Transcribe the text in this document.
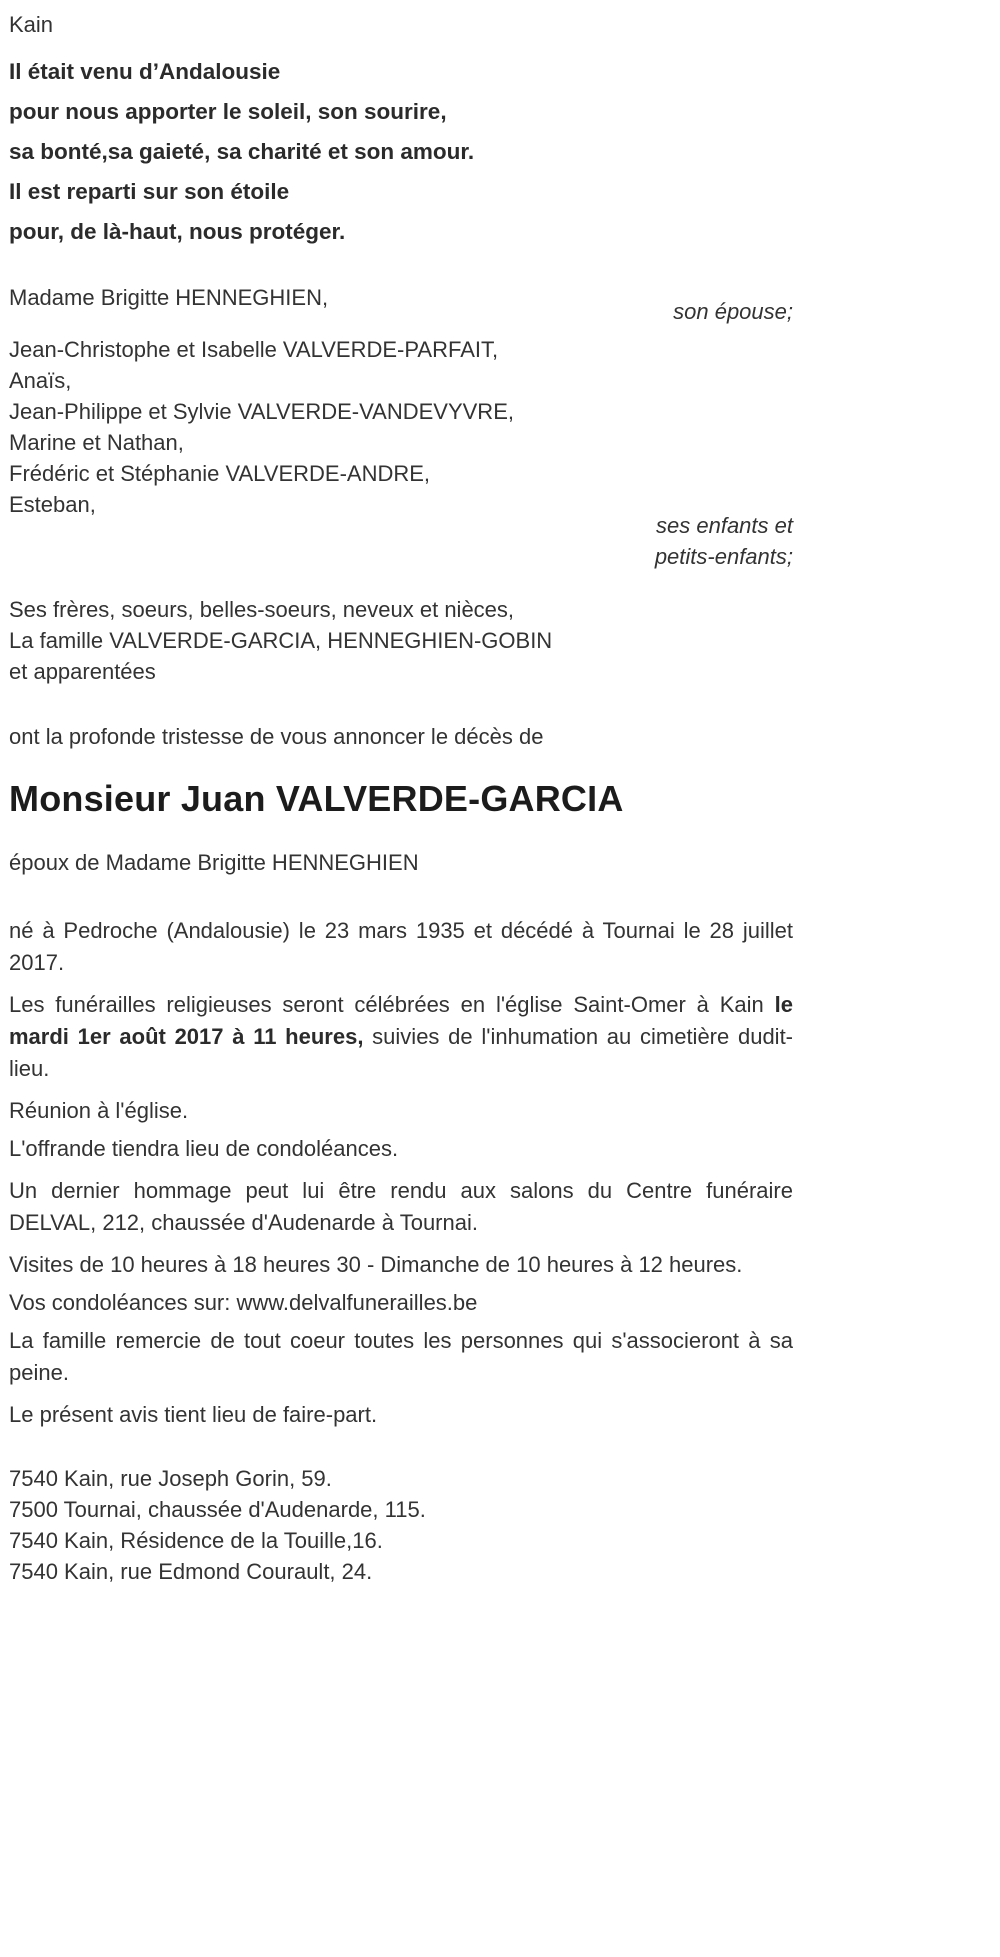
Kain

Il était venu d’Andalousie

pour nous apporter le soleil, son sourire,

sa bonté,sa gaieté, sa charité et son amour.

Il est reparti sur son étoile

pour, de là-haut, nous protéger.

Madame Brigitte HENNEGHIEN,

son épouse;

Jean-Christophe et Isabelle VALVERDE-PARFAIT,

Anaïs,

Jean-Philippe et Sylvie VALVERDE-VANDEVYVRE,

Marine et Nathan,

Frédéric et Stéphanie VALVERDE-ANDRE,

Esteban,

ses enfants et

petits-enfants;

Ses frères, soeurs, belles-soeurs, neveux et nièces,

La famille VALVERDE-GARCIA, HENNEGHIEN-GOBIN

et apparentées

ont la profonde tristesse de vous annoncer le décès de

Monsieur Juan VALVERDE-GARCIA

époux de Madame Brigitte HENNEGHIEN

né à Pedroche (Andalousie) le 23 mars 1935 et décédé à Tournai le 28 juillet 2017.

Les funérailles religieuses seront célébrées en l'église Saint-Omer à Kain le mardi 1er août 2017 à 11 heures, suivies de l'inhumation au cimetière dudit-lieu.

Réunion à l'église.

L'offrande tiendra lieu de condoléances.

Un dernier hommage peut lui être rendu aux salons du Centre funéraire DELVAL, 212, chaussée d'Audenarde à Tournai.

Visites de 10 heures à 18 heures 30 - Dimanche de 10 heures à 12 heures.

Vos condoléances sur: www.delvalfunerailles.be

La famille remercie de tout coeur toutes les personnes qui s'associeront à sa peine.

Le présent avis tient lieu de faire-part.

7540 Kain, rue Joseph Gorin, 59.

7500 Tournai, chaussée d'Audenarde, 115.

7540 Kain, Résidence de la Touille,16.

7540 Kain, rue Edmond Courault, 24.
